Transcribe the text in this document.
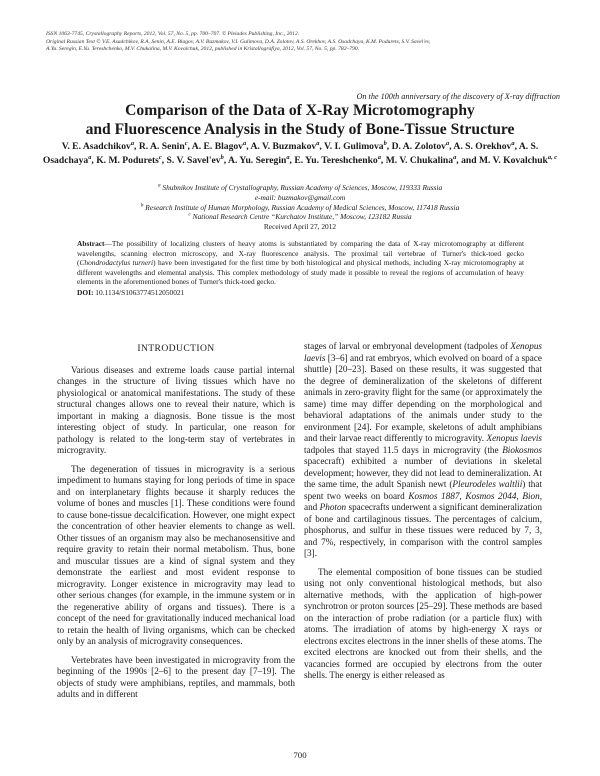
ISSN 1063-7745, Crystallography Reports, 2012, Vol. 57, No. 5, pp. 700–707. © Pleiades Publishing, Inc., 2012.
Original Russian Text © V.E. Asadchikov, R.A. Senin, A.E. Blagov, A.V. Buzmakov, V.I. Gulimova, D.A. Zolotov, A.S. Orekhov, A.S. Osadchaya, K.M. Podurets, S.V. Savel'ev,
A.Yu. Seregin, E.Yu. Tereshchenko, M.V. Chukalina, M.V. Kovalchuk, 2012, published in Kristallografiya, 2012, Vol. 57, No. 5, pp. 782–790.
On the 100th anniversary of the discovery of X-ray diffraction
Comparison of the Data of X-Ray Microtomography
and Fluorescence Analysis in the Study of Bone-Tissue Structure
V. E. Asadchikov$^a$, R. A. Senin$^c$, A. E. Blagov$^a$, A. V. Buzmakov$^a$, V. I. Gulimova$^b$, D. A. Zolotov$^a$, A. S. Orekhov$^a$, A. S. Osadchaya$^a$, K. M. Podurets$^c$, S. V. $Savel'ev^b$, A. Yu. Seregin$^a$, E. Yu. Tereshchenko$^a$, M. V. Chukalina$^a$, and M. V. Kovalchuk$^{a, c}$
$^a$ Shubnikov Institute of Crystallography, Russian Academy of Sciences, Moscow, 119333 Russia
e-mail: buzmakov@gmail.com
$^b$ Research Institute of Human Morphology, Russian Academy of Medical Sciences, Moscow, 117418 Russia
$^c$ National Research Centre “Kurchatov Institute,” Moscow, 123182 Russia
Received April 27, 2012
Abstract—The possibility of localizing clusters of heavy atoms is substantiated by comparing the data of X-ray microtomography at different wavelengths, scanning electron microscopy, and X-ray fluorescence analysis. The proximal tail vertebrae of Turner's thick-toed gecko (Chondrodactylus turneri) have been investigated for the first time by both histological and physical methods, including X-ray microtomography at different wavelengths and elemental analysis. This complex methodology of study made it possible to reveal the regions of accumulation of heavy elements in the aforementioned bones of Turner's thick-toed gecko.
DOI: 10.1134/S1063774512050021
INTRODUCTION

Various diseases and extreme loads cause partial internal changes in the structure of living tissues which have no physiological or anatomical manifestations. The study of these structural changes allows one to reveal their nature, which is important in making a diagnosis. Bone tissue is the most interesting object of study. In particular, one reason for pathology is related to the long-term stay of vertebrates in microgravity.

The degeneration of tissues in microgravity is a serious impediment to humans staying for long periods of time in space and on interplanetary flights because it sharply reduces the volume of bones and muscles [1]. These conditions were found to cause bone-tissue decalcification. However, one might expect the concentration of other heavier elements to change as well. Other tissues of an organism may also be mechanosensitive and require gravity to retain their normal metabolism. Thus, bone and muscular tissues are a kind of signal system and they demonstrate the earliest and most evident response to microgravity. Longer existence in microgravity may lead to other serious changes (for example, in the immune system or in the regenerative ability of organs and tissues). There is a concept of the need for gravitationally induced mechanical load to retain the health of living organisms, which can be checked only by an analysis of microgravity consequences.

Vertebrates have been investigated in microgravity from the beginning of the 1990s [2–6] to the present day [7–19]. The objects of study were amphibians, reptiles, and mammals, both adults and in different

stages of larval or embryonal development (tadpoles of Xenopus laevis [3–6] and rat embryos, which evolved on board of a space shuttle) [20–23]. Based on these results, it was suggested that the degree of demineralization of the skeletons of different animals in zero-gravity flight for the same (or approximately the same) time may differ depending on the morphological and behavioral adaptations of the animals under study to the environment [24]. For example, skeletons of adult amphibians and their larvae react differently to microgravity. Xenopus laevis tadpoles that stayed 11.5 days in microgravity (the Biokosmos spacecraft) exhibited a number of deviations in skeletal development; however, they did not lead to demineralization. At the same time, the adult Spanish newt (Pleurodeles waltlii) that spent two weeks on board Kosmos 1887, Kosmos 2044, Bion, and Photon spacecrafts underwent a significant demineralization of bone and cartilaginous tissues. The percentages of calcium, phosphorus, and sulfur in these tissues were reduced by 7, 3, and 7%, respectively, in comparison with the control samples [3].

The elemental composition of bone tissues can be studied using not only conventional histological methods, but also alternative methods, with the application of high-power synchrotron or proton sources [25–29]. These methods are based on the interaction of probe radiation (or a particle flux) with atoms. The irradiation of atoms by high-energy X rays or electrons excites electrons in the inner shells of these atoms. The excited electrons are knocked out from their shells, and the vacancies formed are occupied by electrons from the outer shells. The energy is either released as

700
